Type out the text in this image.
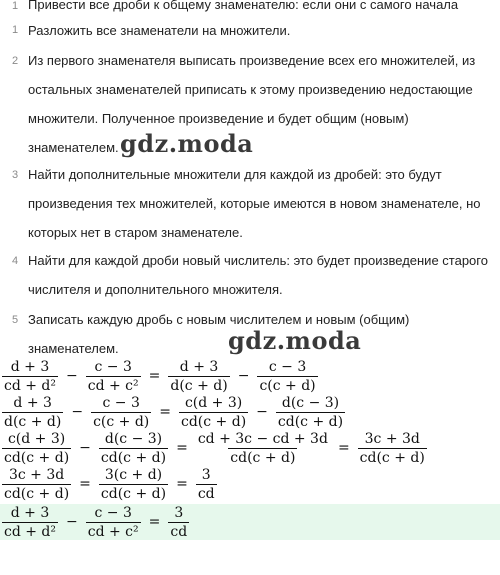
1 Привести все дроби к общему знаменателю: если они с самого начала
1 Разложить все знаменатели на множители.
2 Из первого знаменателя выписать произведение всех его множителей, из остальных знаменателей приписать к этому произведению недостающие множители. Полученное произведение и будет общим (новым) знаменателем.
3 Найти дополнительные множители для каждой из дробей: это будут произведения тех множителей, которые имеются в новом знаменателе, но которых нет в старом знаменателе.
4 Найти для каждой дроби новый числитель: это будет произведение старого числителя и дополнительного множителя.
5 Записать каждую дробь с новым числителем и новым (общим) знаменателем.
gdz.moda
gdz.moda
$\frac{d + 3}{\text{cd + d²}} - \frac{c - 3}{\text{cd + c²}} = \frac{d + 3}{d(c + d)} - \frac{c - 3}{c(c + d)}$
$\frac{d + 3}{d(c + d)} - \frac{c - 3}{c(c + d)} = \frac{c(d + 3)}{cd(c + d)} - \frac{d(c - 3)}{cd(c + d)}$
$\frac{c(d + 3)}{cd(c + d)} - \frac{d(c - 3)}{cd(c + d)} = \frac{cd + 3c - cd + 3d}{cd(c + d)} = \frac{3c + 3d}{cd(c + d)}$
$\frac{3c + 3d}{cd(c + d)} = \frac{3(c + d)}{cd(c + d)} = \frac{3}{cd}$
$\frac{d + 3}{\text{cd + d²}} - \frac{c - 3}{\text{cd + c²}} = \frac{3}{cd}$
